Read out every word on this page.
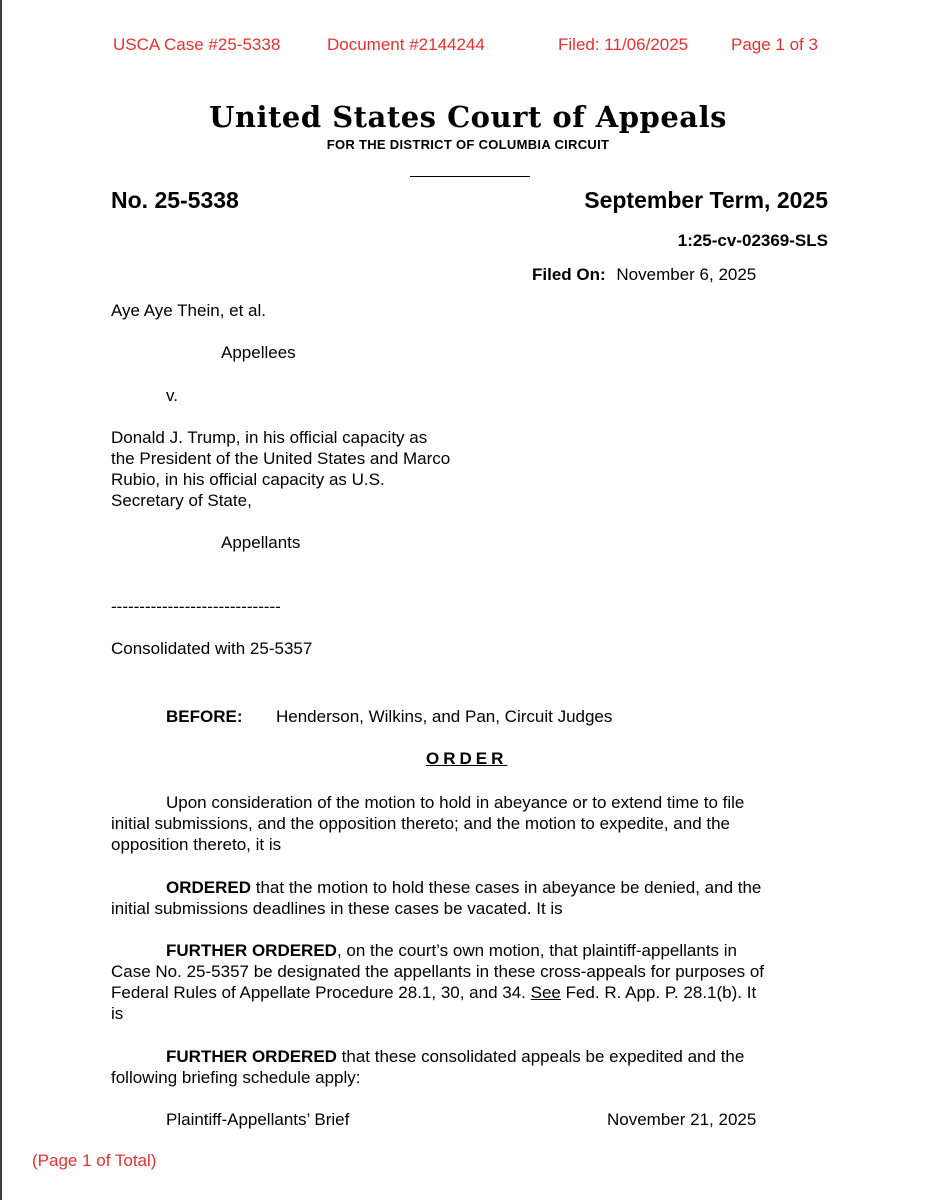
USCA Case #25-5338	Document #2144244	Filed: 11/06/2025	Page 1 of 3
United States Court of Appeals
FOR THE DISTRICT OF COLUMBIA CIRCUIT
No. 25-5338	September Term, 2025
1:25-cv-02369-SLS
Filed On: November 6, 2025
Aye Aye Thein, et al.
Appellees
v.
Donald J. Trump, in his official capacity as
the President of the United States and Marco
Rubio, in his official capacity as U.S.
Secretary of State,
Appellants
------------------------------
Consolidated with 25-5357
BEFORE: Henderson, Wilkins, and Pan, Circuit Judges
ORDER
Upon consideration of the motion to hold in abeyance or to extend time to file
initial submissions, and the opposition thereto; and the motion to expedite, and the
opposition thereto, it is
ORDERED that the motion to hold these cases in abeyance be denied, and the
initial submissions deadlines in these cases be vacated. It is
FURTHER ORDERED, on the court’s own motion, that plaintiff-appellants in
Case No. 25-5357 be designated the appellants in these cross-appeals for purposes of
Federal Rules of Appellate Procedure 28.1, 30, and 34. See Fed. R. App. P. 28.1(b). It
is
FURTHER ORDERED that these consolidated appeals be expedited and the
following briefing schedule apply:
Plaintiff-Appellants’ Brief	November 21, 2025
(Page 1 of Total)
